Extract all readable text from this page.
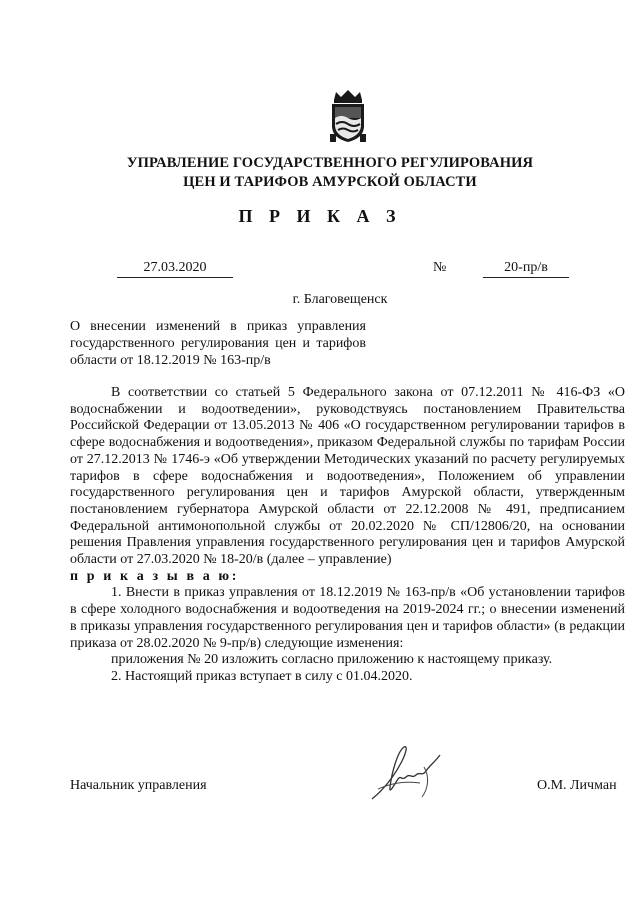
УПРАВЛЕНИЕ ГОСУДАРСТВЕННОГО РЕГУЛИРОВАНИЯ
ЦЕН И ТАРИФОВ АМУРСКОЙ ОБЛАСТИ
П Р И К А З
27.03.2020	№	20-пр/в
г. Благовещенск
О внесении изменений в приказ управления государственного регулирования цен и тарифов области от 18.12.2019 № 163-пр/в

В соответствии со статьей 5 Федерального закона от 07.12.2011 № 416-ФЗ «О водоснабжении и водоотведении», руководствуясь постановлением Правительства Российской Федерации от 13.05.2013 № 406 «О государственном регулировании тарифов в сфере водоснабжения и водоотведения», приказом Федеральной службы по тарифам России от 27.12.2013 № 1746-э «Об утверждении Методических указаний по расчету регулируемых тарифов в сфере водоснабжения и водоотведения», Положением об управлении государственного регулирования цен и тарифов Амурской области, утвержденным постановлением губернатора Амурской области от 22.12.2008 № 491, предписанием Федеральной антимонопольной службы от 20.02.2020 № СП/12806/20, на основании решения Правления управления государственного регулирования цен и тарифов Амурской области от 27.03.2020 № 18-20/в (далее – управление)

п р и к а з ы в а ю:

1. Внести в приказ управления от 18.12.2019 № 163-пр/в «Об установлении тарифов в сфере холодного водоснабжения и водоотведения на 2019-2024 гг.; о внесении изменений в приказы управления государственного регулирования цен и тарифов области» (в редакции приказа от 28.02.2020 № 9-пр/в) следующие изменения:

приложения № 20 изложить согласно приложению к настоящему приказу.

2. Настоящий приказ вступает в силу с 01.04.2020.

Начальник управления	О.М. Личман
